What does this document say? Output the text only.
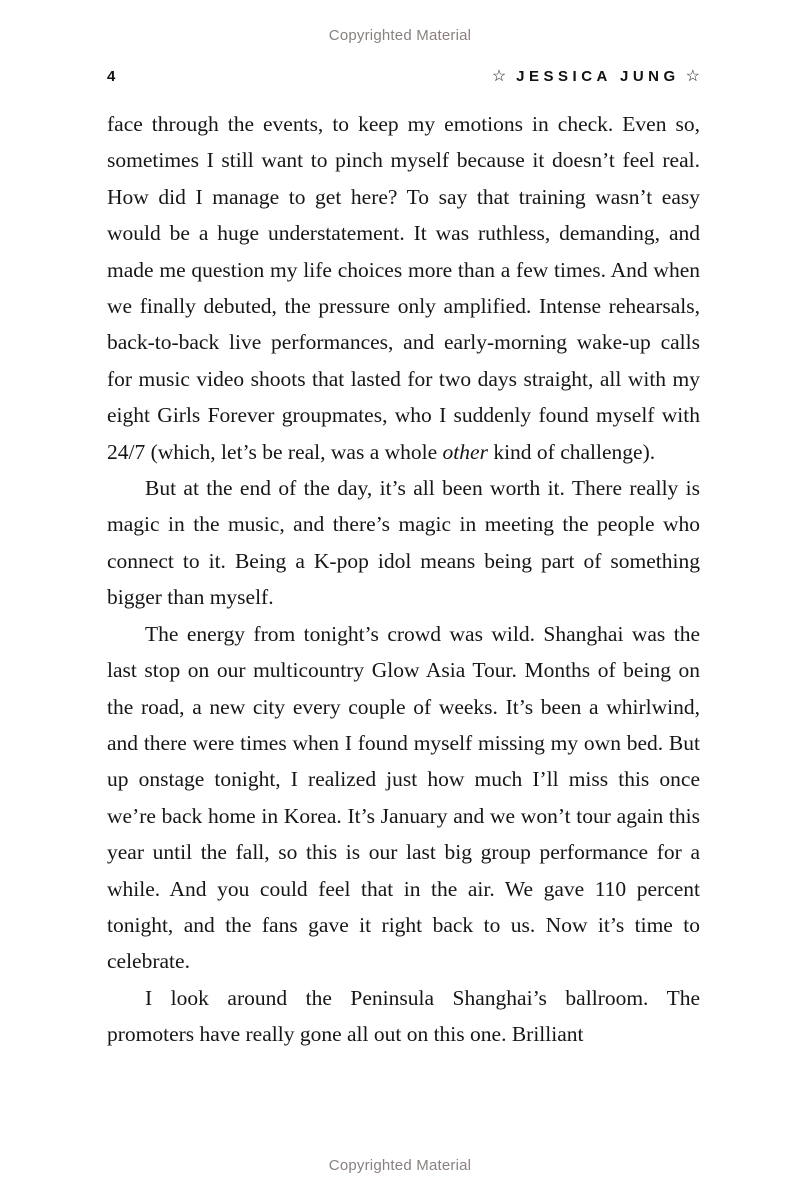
Copyrighted Material
4	☆ JESSICA JUNG ☆

face through the events, to keep my emotions in check. Even so, sometimes I still want to pinch myself because it doesn’t feel real. How did I manage to get here? To say that training wasn’t easy would be a huge understatement. It was ruthless, demanding, and made me question my life choices more than a few times. And when we finally debuted, the pressure only amplified. Intense rehearsals, back-to-back live performances, and early-morning wake-up calls for music video shoots that lasted for two days straight, all with my eight Girls Forever groupmates, who I suddenly found myself with 24/7 (which, let’s be real, was a whole other kind of challenge).

But at the end of the day, it’s all been worth it. There really is magic in the music, and there’s magic in meeting the people who connect to it. Being a K-pop idol means being part of something bigger than myself.

The energy from tonight’s crowd was wild. Shanghai was the last stop on our multicountry Glow Asia Tour. Months of being on the road, a new city every couple of weeks. It’s been a whirlwind, and there were times when I found myself missing my own bed. But up onstage tonight, I realized just how much I’ll miss this once we’re back home in Korea. It’s January and we won’t tour again this year until the fall, so this is our last big group performance for a while. And you could feel that in the air. We gave 110 percent tonight, and the fans gave it right back to us. Now it’s time to celebrate.

I look around the Peninsula Shanghai’s ballroom. The promoters have really gone all out on this one. Brilliant

Copyrighted Material
